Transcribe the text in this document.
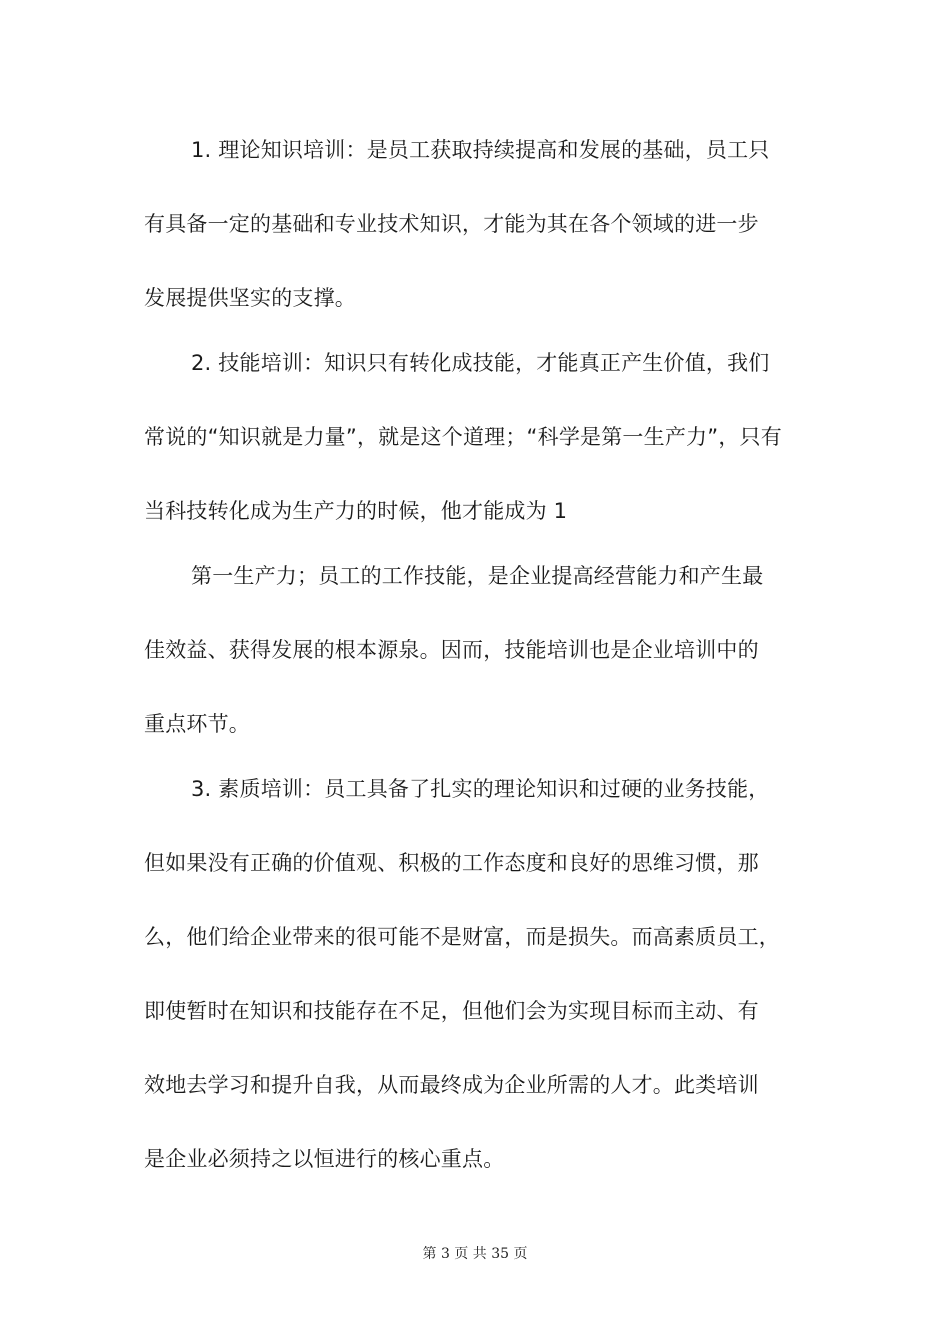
1. 理论知识培训：是员工获取持续提高和发展的基础，员工只
有具备一定的基础和专业技术知识，才能为其在各个领域的进一步
发展提供坚实的支撑。
2. 技能培训：知识只有转化成技能，才能真正产生价值，我们
常说的“知识就是力量”，就是这个道理；“科学是第一生产力”，只有
当科技转化成为生产力的时候，他才能成为 1
第一生产力；员工的工作技能，是企业提高经营能力和产生最
佳效益、获得发展的根本源泉。因而，技能培训也是企业培训中的
重点环节。
3. 素质培训：员工具备了扎实的理论知识和过硬的业务技能，
但如果没有正确的价值观、积极的工作态度和良好的思维习惯，那
么，他们给企业带来的很可能不是财富，而是损失。而高素质员工，
即使暂时在知识和技能存在不足，但他们会为实现目标而主动、有
效地去学习和提升自我，从而最终成为企业所需的人才。此类培训
是企业必须持之以恒进行的核心重点。
第 3 页 共 35 页
